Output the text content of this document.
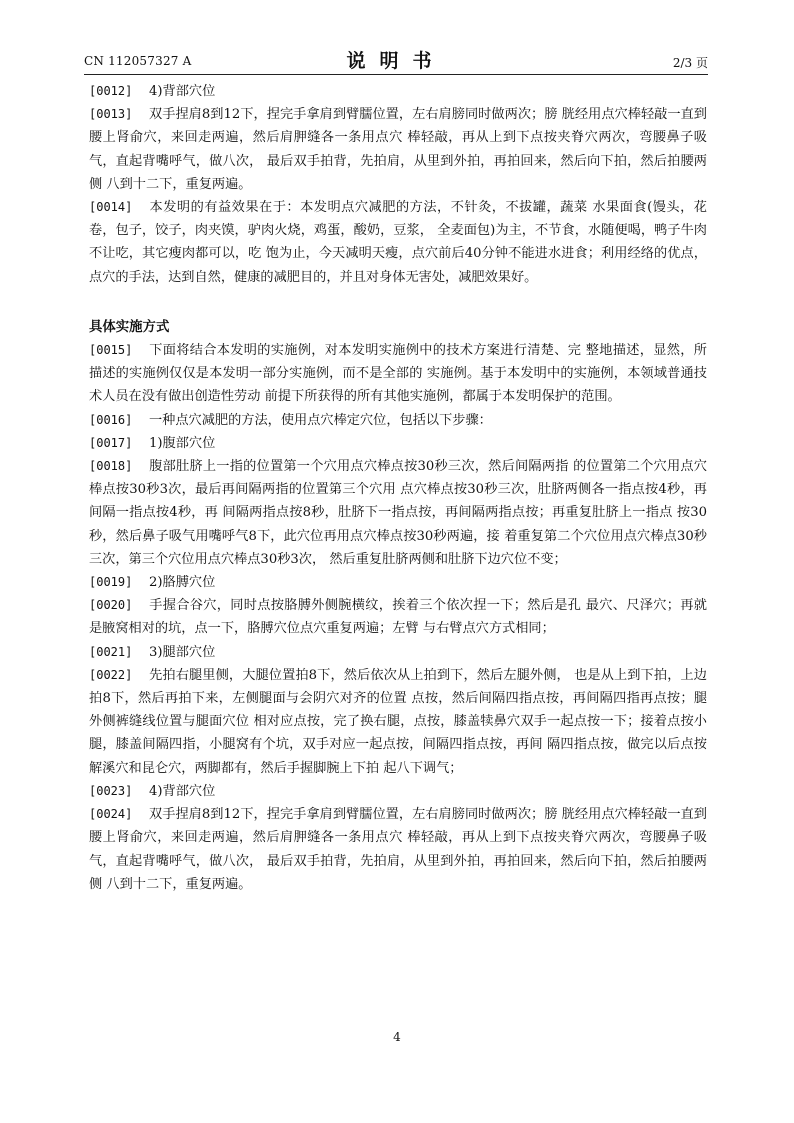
CN 112057327 A	说明书	2/3 页

[0012] 4)背部穴位

[0013] 双手捏肩8到12下，捏完手拿肩到臂臑位置，左右肩膀同时做两次；膀 胱经用点穴棒轻敲一直到腰上肾俞穴，来回走两遍，然后肩胛缝各一条用点穴 棒轻敲，再从上到下点按夹脊穴两次，弯腰鼻子吸气，直起背嘴呼气，做八次， 最后双手拍背，先拍肩，从里到外拍，再拍回来，然后向下拍，然后拍腰两侧 八到十二下，重复两遍。

[0014] 本发明的有益效果在于：本发明点穴减肥的方法，不针灸，不拔罐，蔬菜 水果面食(馒头，花卷，包子，饺子，肉夹馍，驴肉火烧，鸡蛋，酸奶，豆浆， 全麦面包)为主，不节食，水随便喝，鸭子牛肉不让吃，其它瘦肉都可以，吃 饱为止，今天减明天瘦，点穴前后40分钟不能进水进食；利用经络的优点， 点穴的手法，达到自然，健康的减肥目的，并且对身体无害处，减肥效果好。

具体实施方式

[0015] 下面将结合本发明的实施例，对本发明实施例中的技术方案进行清楚、完 整地描述，显然，所描述的实施例仅仅是本发明一部分实施例，而不是全部的 实施例。基于本发明中的实施例，本领域普通技术人员在没有做出创造性劳动 前提下所获得的所有其他实施例，都属于本发明保护的范围。

[0016] 一种点穴减肥的方法，使用点穴棒定穴位，包括以下步骤：

[0017] 1)腹部穴位

[0018] 腹部肚脐上一指的位置第一个穴用点穴棒点按30秒三次，然后间隔两指 的位置第二个穴用点穴棒点按30秒3次，最后再间隔两指的位置第三个穴用 点穴棒点按30秒三次，肚脐两侧各一指点按4秒，再间隔一指点按4秒，再 间隔两指点按8秒，肚脐下一指点按，再间隔两指点按；再重复肚脐上一指点 按30秒，然后鼻子吸气用嘴呼气8下，此穴位再用点穴棒点按30秒两遍，接 着重复第二个穴位用点穴棒点30秒三次，第三个穴位用点穴棒点30秒3次， 然后重复肚脐两侧和肚脐下边穴位不变；

[0019] 2)胳膊穴位

[0020] 手握合谷穴，同时点按胳膊外侧腕横纹，挨着三个依次捏一下；然后是孔 最穴、尺泽穴；再就是腋窝相对的坑，点一下，胳膊穴位点穴重复两遍；左臂 与右臂点穴方式相同；

[0021] 3)腿部穴位

[0022] 先拍右腿里侧，大腿位置拍8下，然后依次从上拍到下，然后左腿外侧， 也是从上到下拍，上边拍8下，然后再拍下来，左侧腿面与会阴穴对齐的位置 点按，然后间隔四指点按，再间隔四指再点按；腿外侧裤缝线位置与腿面穴位 相对应点按，完了换右腿，点按，膝盖犊鼻穴双手一起点按一下；接着点按小 腿，膝盖间隔四指，小腿窝有个坑，双手对应一起点按，间隔四指点按，再间 隔四指点按，做完以后点按解溪穴和昆仑穴，两脚都有，然后手握脚腕上下拍 起八下调气；

[0023] 4)背部穴位

[0024] 双手捏肩8到12下，捏完手拿肩到臂臑位置，左右肩膀同时做两次；膀 胱经用点穴棒轻敲一直到腰上肾俞穴，来回走两遍，然后肩胛缝各一条用点穴 棒轻敲，再从上到下点按夹脊穴两次，弯腰鼻子吸气，直起背嘴呼气，做八次， 最后双手拍背，先拍肩，从里到外拍，再拍回来，然后向下拍，然后拍腰两侧 八到十二下，重复两遍。

4
